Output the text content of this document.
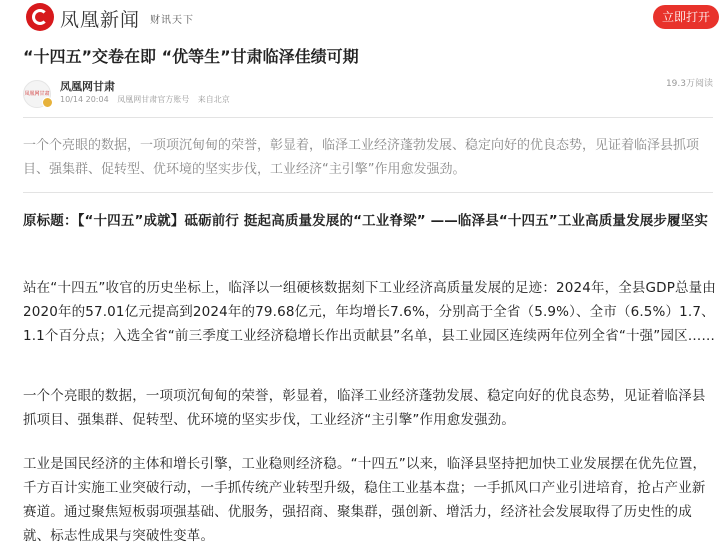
凤凰新闻 财讯天下	立即打开
“十四五”交卷在即 “优等生”甘肃临泽佳绩可期
凤凰网甘肃
凤凰网甘肃
10/14 20:04 凤凰网甘肃官方账号 来自北京
19.3万阅读

一个个亮眼的数据，一项项沉甸甸的荣誉，彰显着，临泽工业经济蓬勃发展、稳定向好的优良态势，见证着临泽县抓项目、强集群、促转型、优环境的坚实步伐，工业经济“主引擎”作用愈发强劲。

原标题：【“十四五”成就】砥砺前行 挺起高质量发展的“工业脊梁” ——临泽县“十四五”工业高质量发展步履坚实

站在“十四五”收官的历史坐标上，临泽以一组硬核数据刻下工业经济高质量发展的足迹：2024年，全县GDP总量由2020年的57.01亿元提高到2024年的79.68亿元，年均增长7.6%，分别高于全省（5.9%）、全市（6.5%）1.7、1.1个百分点；入选全省“前三季度工业经济稳增长作出贡献县”名单，县工业园区连续两年位列全省“十强”园区……

一个个亮眼的数据，一项项沉甸甸的荣誉，彰显着，临泽工业经济蓬勃发展、稳定向好的优良态势，见证着临泽县抓项目、强集群、促转型、优环境的坚实步伐，工业经济“主引擎”作用愈发强劲。

工业是国民经济的主体和增长引擎，工业稳则经济稳。“十四五”以来，临泽县坚持把加快工业发展摆在优先位置，千方百计实施工业突破行动，一手抓传统产业转型升级，稳住工业基本盘；一手抓风口产业引进培育，抢占产业新赛道。通过聚焦短板弱项强基础、优服务，强招商、聚集群，强创新、增活力，经济社会发展取得了历史性的成就、标志性成果与突破性变革。
